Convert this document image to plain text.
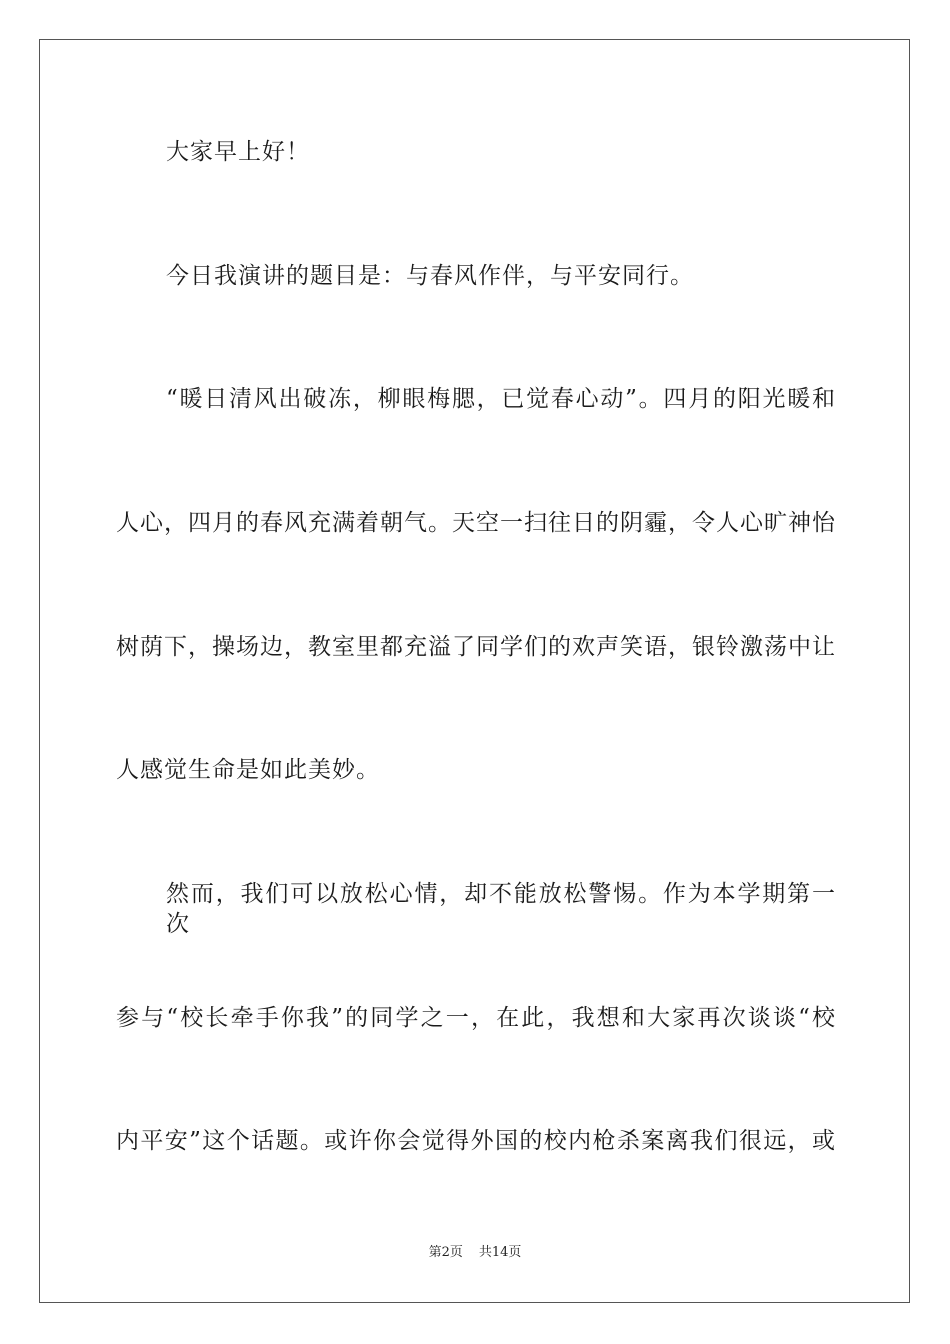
大家早上好！
今日我演讲的题目是：与春风作伴，与平安同行。
“暖日清风出破冻，柳眼梅腮，已觉春心动”。四月的阳光暖和
人心，四月的春风充满着朝气。天空一扫往日的阴霾，令人心旷神怡
树荫下，操场边，教室里都充溢了同学们的欢声笑语，银铃激荡中让
人感觉生命是如此美妙。
然而，我们可以放松心情，却不能放松警惕。作为本学期第一次
参与“校长牵手你我”的同学之一，在此，我想和大家再次谈谈“校
内平安”这个话题。或许你会觉得外国的校内枪杀案离我们很远，或
第2页 共14页
